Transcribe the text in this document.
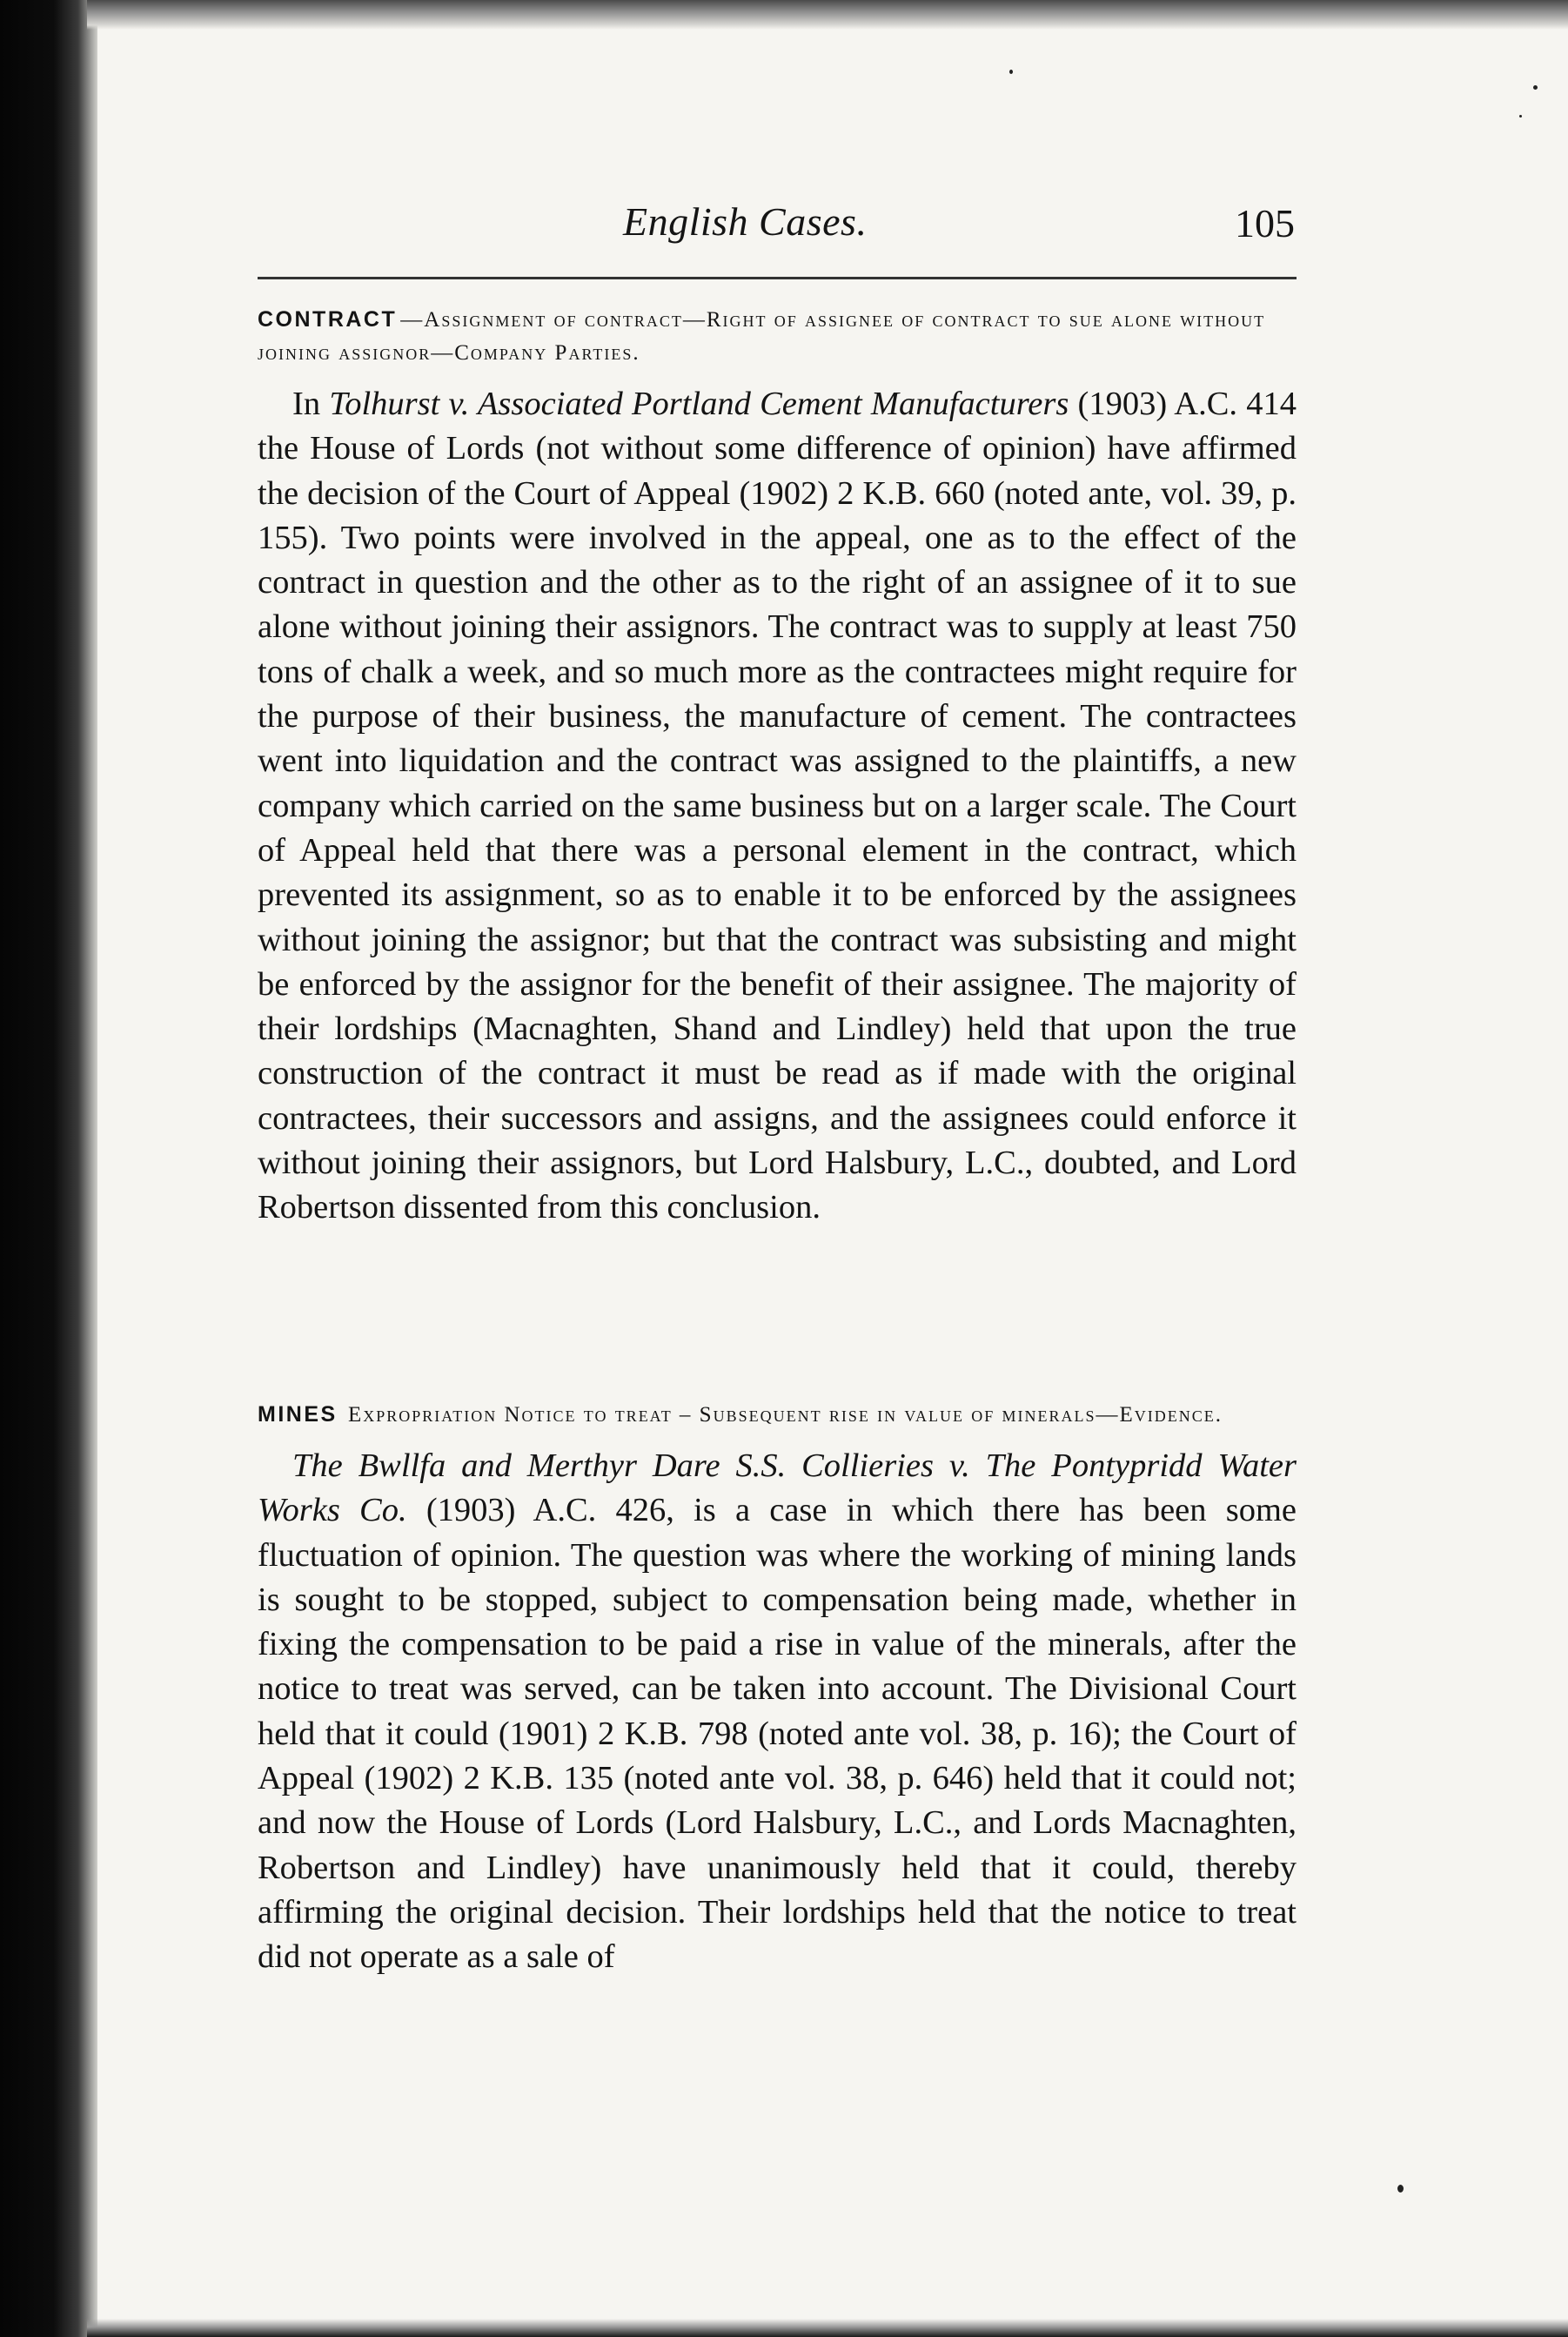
English Cases.	105
CONTRACT —Assignment of contract—Right of assignee of contract to sue alone without joining assignor—Company Parties.
In Tolhurst v. Associated Portland Cement Manufacturers (1903) A.C. 414 the House of Lords (not without some difference of opinion) have affirmed the decision of the Court of Appeal (1902) 2 K.B. 660 (noted ante, vol. 39, p. 155). Two points were involved in the appeal, one as to the effect of the contract in question and the other as to the right of an assignee of it to sue alone without joining their assignors. The contract was to supply at least 750 tons of chalk a week, and so much more as the contractees might require for the purpose of their business, the manufacture of cement. The contractees went into liquidation and the contract was assigned to the plaintiffs, a new company which carried on the same business but on a larger scale. The Court of Appeal held that there was a personal element in the contract, which prevented its assignment, so as to enable it to be enforced by the assignees without joining the assignor; but that the contract was subsisting and might be enforced by the assignor for the benefit of their assignee. The majority of their lordships (Macnaghten, Shand and Lindley) held that upon the true construction of the contract it must be read as if made with the original contractees, their successors and assigns, and the assignees could enforce it without joining their assignors, but Lord Halsbury, L.C., doubted, and Lord Robertson dissented from this conclusion.
MINES Expropriation Notice to treat – Subsequent rise in value of minerals—Evidence.
The Bwllfa and Merthyr Dare S.S. Collieries v. The Pontypridd Water Works Co. (1903) A.C. 426, is a case in which there has been some fluctuation of opinion. The question was where the working of mining lands is sought to be stopped, subject to compensation being made, whether in fixing the compensation to be paid a rise in value of the minerals, after the notice to treat was served, can be taken into account. The Divisional Court held that it could (1901) 2 K.B. 798 (noted ante vol. 38, p. 16); the Court of Appeal (1902) 2 K.B. 135 (noted ante vol. 38, p. 646) held that it could not; and now the House of Lords (Lord Halsbury, L.C., and Lords Macnaghten, Robertson and Lindley) have unanimously held that it could, thereby affirming the original decision. Their lordships held that the notice to treat did not operate as a sale of
